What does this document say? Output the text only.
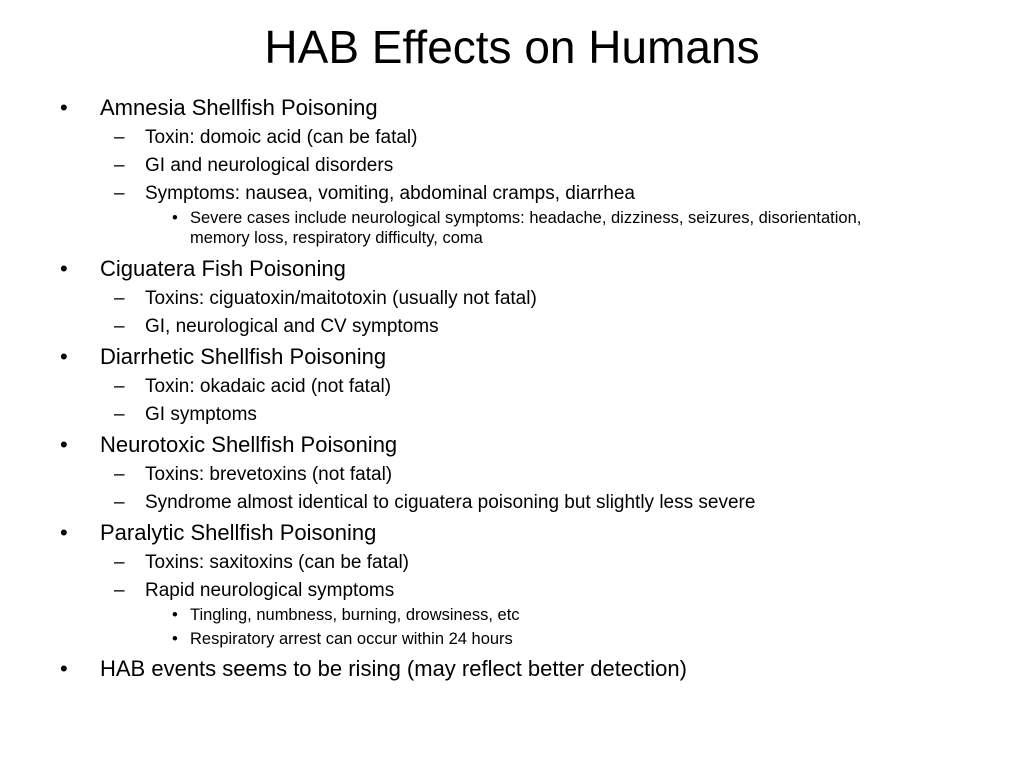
HAB Effects on Humans
• Amnesia Shellfish Poisoning
– Toxin: domoic acid (can be fatal)
– GI and neurological disorders
– Symptoms: nausea, vomiting, abdominal cramps, diarrhea
• Severe cases include neurological symptoms: headache, dizziness, seizures, disorientation, memory loss, respiratory difficulty, coma
• Ciguatera Fish Poisoning
– Toxins: ciguatoxin/maitotoxin (usually not fatal)
– GI, neurological and CV symptoms
• Diarrhetic Shellfish Poisoning
– Toxin: okadaic acid (not fatal)
– GI symptoms
• Neurotoxic Shellfish Poisoning
– Toxins: brevetoxins (not fatal)
– Syndrome almost identical to ciguatera poisoning but slightly less severe
• Paralytic Shellfish Poisoning
– Toxins: saxitoxins (can be fatal)
– Rapid neurological symptoms
• Tingling, numbness, burning, drowsiness, etc
• Respiratory arrest can occur within 24 hours
• HAB events seems to be rising (may reflect better detection)
